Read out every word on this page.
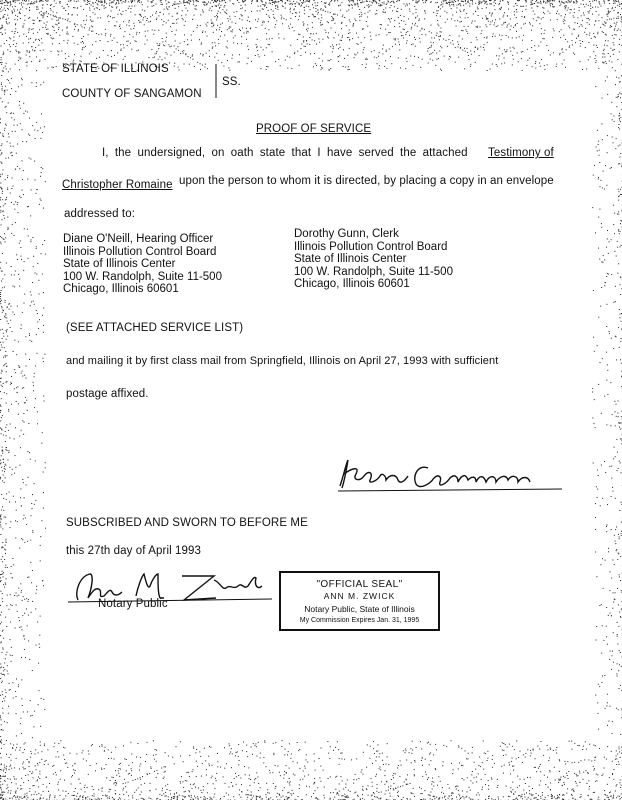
STATE OF ILLINOIS
COUNTY OF SANGAMON
SS.
PROOF OF SERVICE
I, the undersigned, on oath state that I have served the attached Testimony of
Christopher Romaine upon the person to whom it is directed, by placing a copy in an envelope
addressed to:
Diane O'Neill, Hearing Officer
Illinois Pollution Control Board
State of Illinois Center
100 W. Randolph, Suite 11-500
Chicago, Illinois 60601
Dorothy Gunn, Clerk
Illinois Pollution Control Board
State of Illinois Center
100 W. Randolph, Suite 11-500
Chicago, Illinois 60601
(SEE ATTACHED SERVICE LIST)
and mailing it by first class mail from Springfield, Illinois on April 27, 1993 with sufficient
postage affixed.
SUBSCRIBED AND SWORN TO BEFORE ME
this 27th day of April 1993
Notary Public
"OFFICIAL SEAL"
ANN M. ZWICK
Notary Public, State of Illinois
My Commission Expires Jan. 31, 1995
